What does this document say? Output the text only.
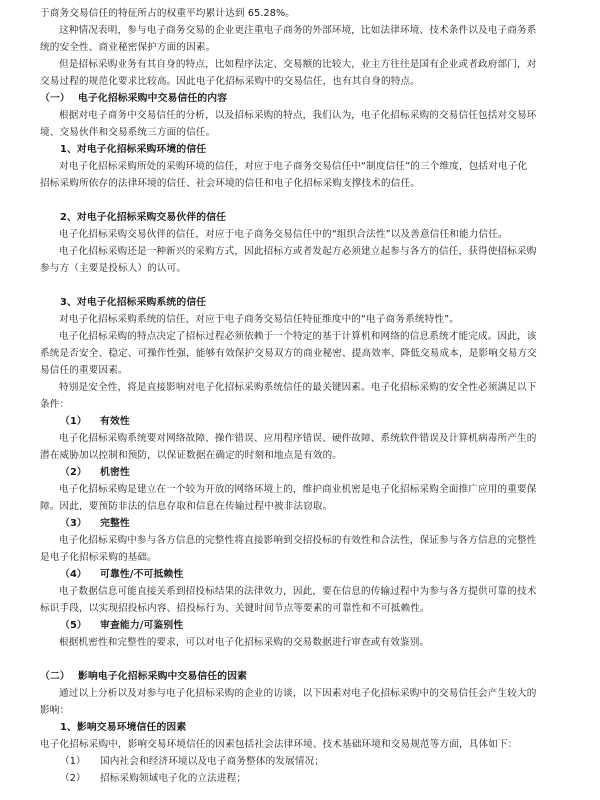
于商务交易信任的特征所占的权重平均累计达到 65.28%。
这种情况表明，参与电子商务交易的企业更注重电子商务的外部环境，比如法律环境、技术条件以及电子商务系
统的安全性、商业秘密保护方面的因素。
但是招标采购业务有其自身的特点，比如程序法定、交易额的比较大，业主方往往是国有企业或者政府部门，对
交易过程的规范化要求比较高。因此电子化招标采购中的交易信任，也有其自身的特点。
（一） 电子化招标采购中交易信任的内容
根据对电子商务中交易信任的分析，以及招标采购的特点，我们认为，电子化招标采购的交易信任包括对交易环
境、交易伙伴和交易系统三方面的信任。
1、对电子化招标采购环境的信任
对电子化招标采购所处的采购环境的信任，对应于电子商务交易信任中“制度信任”的三个维度，包括对电子化
招标采购所依存的法律环境的信任、社会环境的信任和电子化招标采购支撑技术的信任。
2、对电子化招标采购交易伙伴的信任
电子化招标采购交易伙伴的信任，对应于电子商务交易信任中的“组织合法性”以及善意信任和能力信任。
电子化招标采购还是一种新兴的采购方式，因此招标方或者发起方必须建立起参与各方的信任，获得使招标采购
参与方（主要是投标人）的认可。
3、对电子化招标采购系统的信任
对电子化招标采购系统的信任，对应于电子商务交易信任特征维度中的“电子商务系统特性”。
电子化招标采购的特点决定了招标过程必须依赖于一个特定的基于计算机和网络的信息系统才能完成。因此，该
系统是否安全、稳定、可操作性强，能够有效保护交易双方的商业秘密、提高效率、降低交易成本，是影响交易方交
易信任的重要因素。
特别是安全性，将是直接影响对电子化招标采购系统信任的最关键因素。电子化招标采购的安全性必须满足以下
条件：
（1） 有效性
电子化招标采购系统要对网络故障、操作错误、应用程序错误、硬件故障、系统软件错误及计算机病毒所产生的
潜在威胁加以控制和预防，以保证数据在确定的时刻和地点是有效的。
（2） 机密性
电子化招标采购是建立在一个较为开放的网络环境上的，维护商业机密是电子化招标采购全面推广应用的重要保
障。因此，要预防非法的信息存取和信息在传输过程中被非法窃取。
（3） 完整性
电子化招标采购中参与各方信息的完整性将直接影响到交招投标的有效性和合法性，保证参与各方信息的完整性
是电子化招标采购的基础。
（4） 可靠性/不可抵赖性
电子数据信息可能直接关系到招投标结果的法律效力，因此，要在信息的传输过程中为参与各方提供可靠的技术
标识手段，以实现招投标内容、招投标行为、关键时间节点等要素的可靠性和不可抵赖性。
（5） 审查能力/可鉴别性
根据机密性和完整性的要求，可以对电子化招标采购的交易数据进行审查或有效鉴别。
（二） 影响电子化招标采购中交易信任的因素
通过以上分析以及对参与电子化招标采购的企业的访谈，以下因素对电子化招标采购中的交易信任会产生较大的
影响：
1、影响交易环境信任的因素
电子化招标采购中，影响交易环境信任的因素包括社会法律环境、技术基础环境和交易规范等方面，具体如下：
（1） 国内社会和经济环境以及电子商务整体的发展情况；
（2） 招标采购领域电子化的立法进程；
